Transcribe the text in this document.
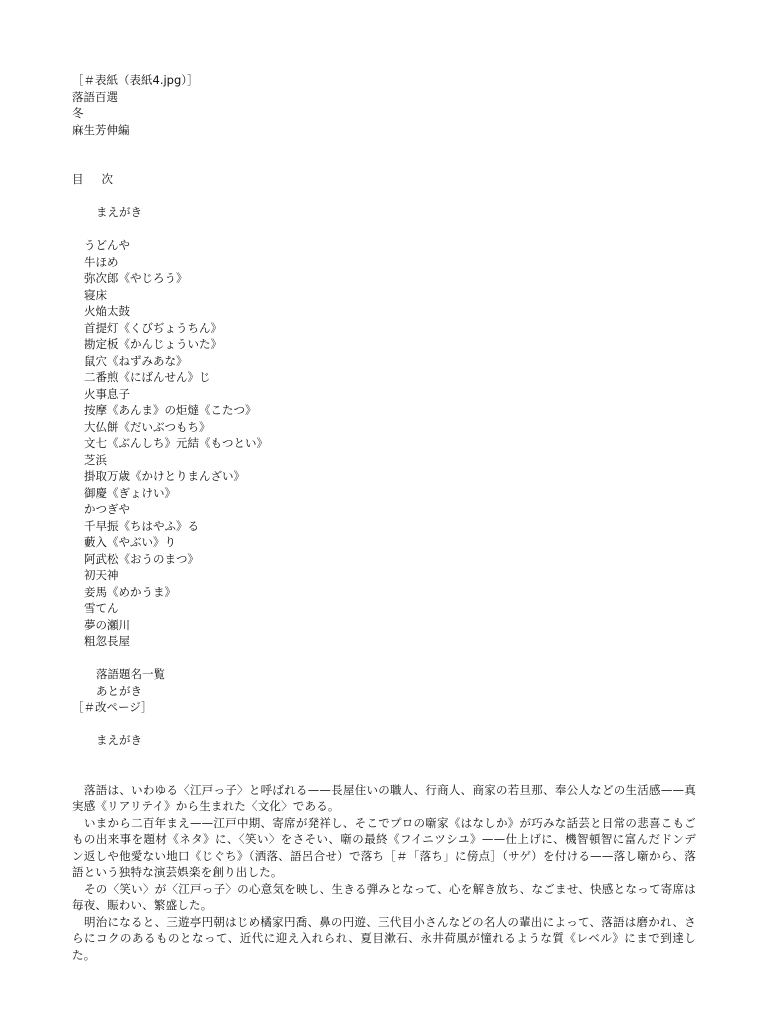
［＃表紙（表紙4.jpg）］
落語百選
冬
麻生芳伸編
目次
まえがき
うどんや
牛ほめ
弥次郎《やじろう》
寝床
火焔太鼓
首提灯《くびぢょうちん》
勘定板《かんじょういた》
鼠穴《ねずみあな》
二番煎《にばんせん》じ
火事息子
按摩《あんま》の炬燵《こたつ》
大仏餅《だいぶつもち》
文七《ぶんしち》元結《もつとい》
芝浜
掛取万歳《かけとりまんざい》
御慶《ぎょけい》
かつぎや
千早振《ちはやふ》る
藪入《やぶい》り
阿武松《おうのまつ》
初天神
妾馬《めかうま》
雪てん
夢の瀬川
粗忽長屋
落語題名一覧
あとがき
［＃改ページ］
まえがき

落語は、いわゆる〈江戸っ子〉と呼ばれる——長屋住いの職人、行商人、商家の若旦那、奉公人などの生活感——真実感《リアリテイ》から生まれた〈文化〉である。

いまから二百年まえ——江戸中期、寄席が発祥し、そこでプロの噺家《はなしか》が巧みな話芸と日常の悲喜こもごもの出来事を題材《ネタ》に、〈笑い〉をさそい、噺の最終《フイニツシユ》——仕上げに、機智頓智に富んだドンデン返しや他愛ない地口《じぐち》（洒落、語呂合せ）で落ち［＃「落ち」に傍点］（サゲ）を付ける——落し噺から、落語という独特な演芸娯楽を創り出した。

その〈笑い〉が〈江戸っ子〉の心意気を映し、生きる弾みとなって、心を解き放ち、なごませ、快感となって寄席は毎夜、賑わい、繁盛した。

明治になると、三遊亭円朝はじめ橘家円喬、鼻の円遊、三代目小さんなどの名人の輩出によって、落語は磨かれ、さらにコクのあるものとなって、近代に迎え入れられ、夏目漱石、永井荷風が憧れるような質《レベル》にまで到達した。
